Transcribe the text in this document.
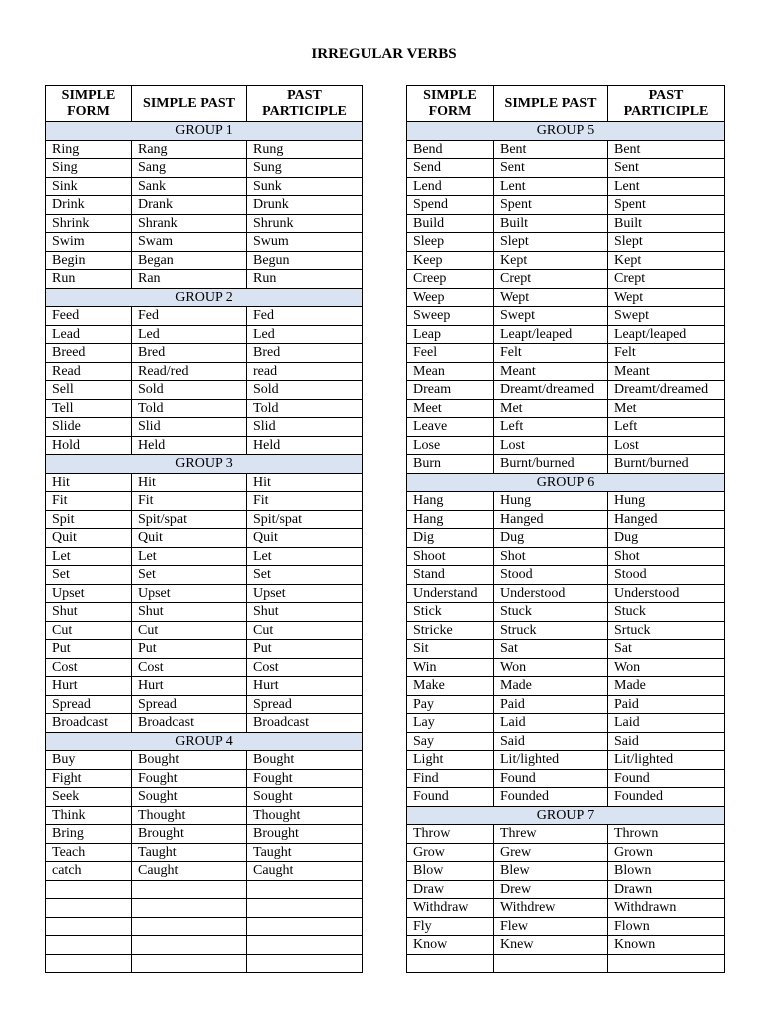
IRREGULAR VERBS
SIMPLE FORM	SIMPLE PAST	PAST PARTICIPLE
GROUP 1		
Ring	Rang	Rung
Sing	Sang	Sung
Sink	Sank	Sunk
Drink	Drank	Drunk
Shrink	Shrank	Shrunk
Swim	Swam	Swum
Begin	Began	Begun
Run	Ran	Run
GROUP 2		
Feed	Fed	Fed
Lead	Led	Led
Breed	Bred	Bred
Read	Read/red	read
Sell	Sold	Sold
Tell	Told	Told
Slide	Slid	Slid
Hold	Held	Held
GROUP 3		
Hit	Hit	Hit
Fit	Fit	Fit
Spit	Spit/spat	Spit/spat
Quit	Quit	Quit
Let	Let	Let
Set	Set	Set
Upset	Upset	Upset
Shut	Shut	Shut
Cut	Cut	Cut
Put	Put	Put
Cost	Cost	Cost
Hurt	Hurt	Hurt
Spread	Spread	Spread
Broadcast	Broadcast	Broadcast
GROUP 4		
Buy	Bought	Bought
Fight	Fought	Fought
Seek	Sought	Sought
Think	Thought	Thought
Bring	Brought	Brought
Teach	Taught	Taught
catch	Caught	Caught

SIMPLE FORM	SIMPLE PAST	PAST PARTICIPLE
GROUP 5		
Bend	Bent	Bent
Send	Sent	Sent
Lend	Lent	Lent
Spend	Spent	Spent
Build	Built	Built
Sleep	Slept	Slept
Keep	Kept	Kept
Creep	Crept	Crept
Weep	Wept	Wept
Sweep	Swept	Swept
Leap	Leapt/leaped	Leapt/leaped
Feel	Felt	Felt
Mean	Meant	Meant
Dream	Dreamt/dreamed	Dreamt/dreamed
Meet	Met	Met
Leave	Left	Left
Lose	Lost	Lost
Burn	Burnt/burned	Burnt/burned
GROUP 6		
Hang	Hung	Hung
Hang	Hanged	Hanged
Dig	Dug	Dug
Shoot	Shot	Shot
Stand	Stood	Stood
Understand	Understood	Understood
Stick	Stuck	Stuck
Stricke	Struck	Srtuck
Sit	Sat	Sat
Win	Won	Won
Make	Made	Made
Pay	Paid	Paid
Lay	Laid	Laid
Say	Said	Said
Light	Lit/lighted	Lit/lighted
Find	Found	Found
Found	Founded	Founded
GROUP 7		
Throw	Threw	Thrown
Grow	Grew	Grown
Blow	Blew	Blown
Draw	Drew	Drawn
Withdraw	Withdrew	Withdrawn
Fly	Flew	Flown
Know	Knew	Known
